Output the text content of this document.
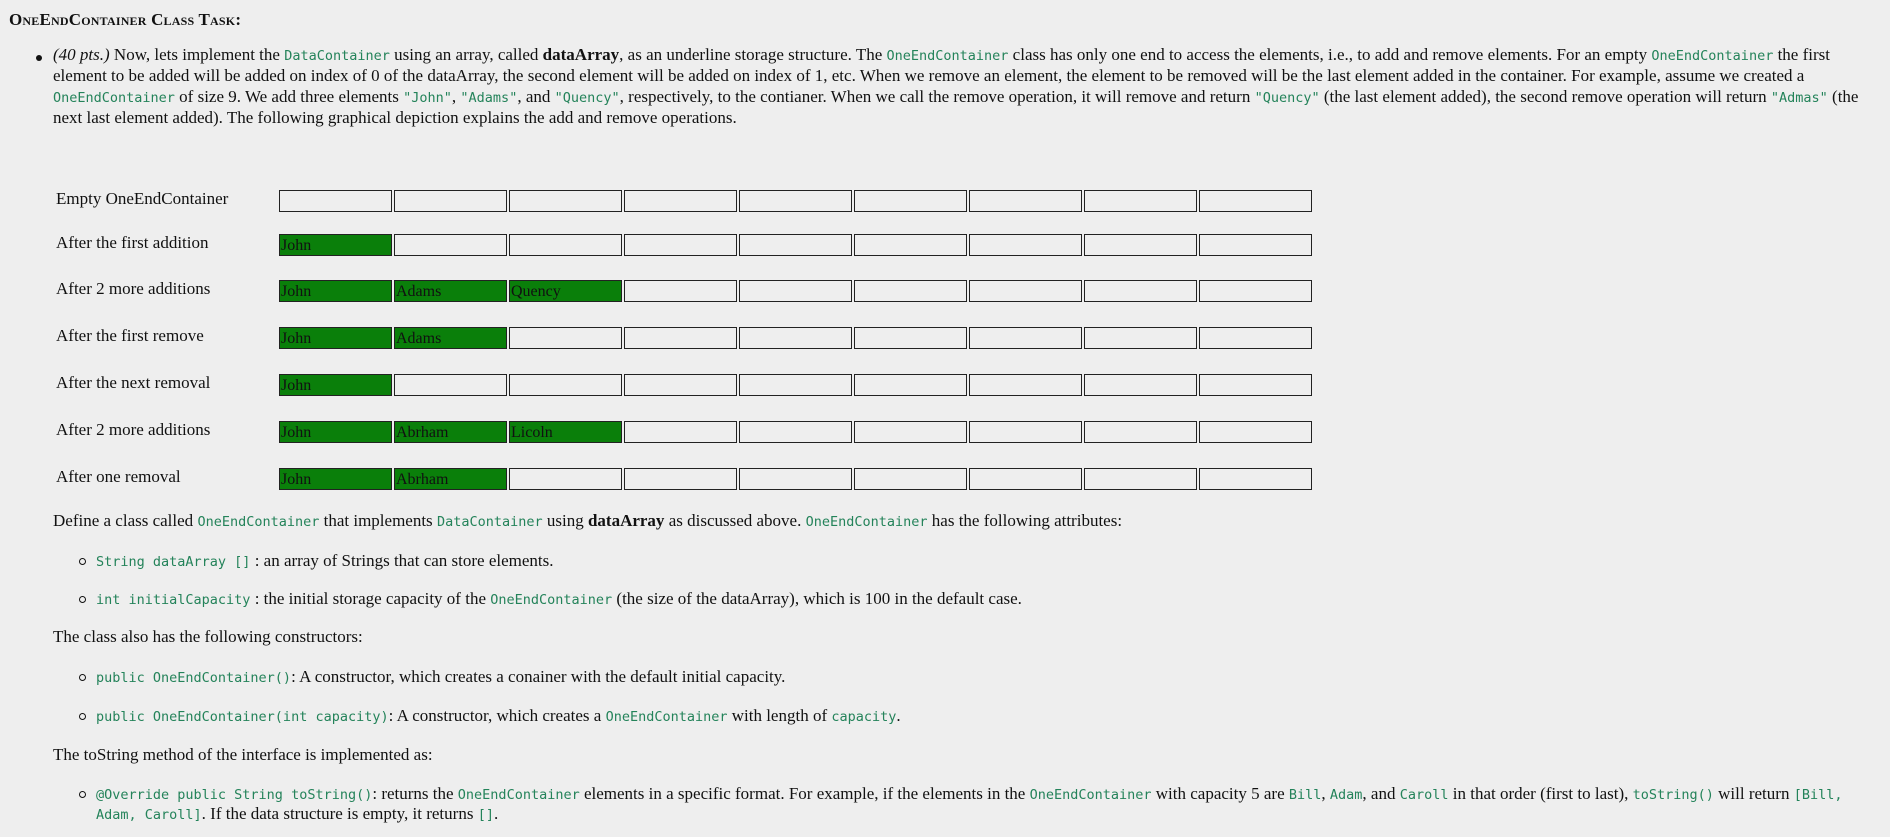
OneEndContainer Class Task:
(40 pts.) Now, lets implement the DataContainer using an array, called dataArray, as an underline storage structure. The OneEndContainer class has only one end to access the elements, i.e., to add and remove elements. For an empty OneEndContainer the first
element to be added will be added on index of 0 of the dataArray, the second element will be added on index of 1, etc. When we remove an element, the element to be removed will be the last element added in the container. For example, assume we created a
OneEndContainer of size 9. We add three elements "John", "Adams", and "Quency", respectively, to the contianer. When we call the remove operation, it will remove and return "Quency" (the last element added), the second remove operation will return "Admas" (the
next last element added). The following graphical depiction explains the add and remove operations.
Empty OneEndContainer
After the first addition	John
After 2 more additions	John	Adams	Quency
After the first remove	John	Adams
After the next removal	John
After 2 more additions	John	Abrham	Licoln
After one removal	John	Abrham
Define a class called OneEndContainer that implements DataContainer using dataArray as discussed above. OneEndContainer has the following attributes:
String dataArray [] : an array of Strings that can store elements.
int initialCapacity : the initial storage capacity of the OneEndContainer (the size of the dataArray), which is 100 in the default case.
The class also has the following constructors:
public OneEndContainer(): A constructor, which creates a conainer with the default initial capacity.
public OneEndContainer(int capacity): A constructor, which creates a OneEndContainer with length of capacity.
The toString method of the interface is implemented as:
@Override public String toString(): returns the OneEndContainer elements in a specific format. For example, if the elements in the OneEndContainer with capacity 5 are Bill, Adam, and Caroll in that order (first to last), toString() will return [Bill,
Adam, Caroll]. If the data structure is empty, it returns [].
